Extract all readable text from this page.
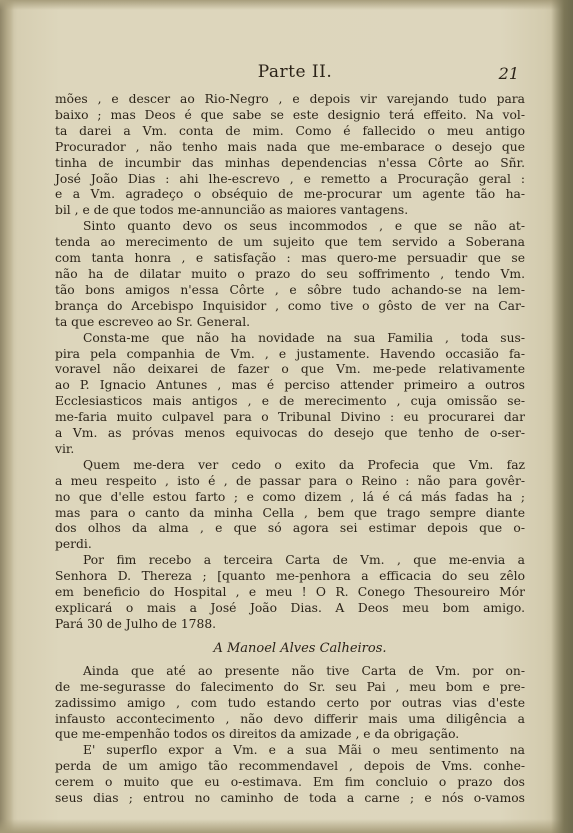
Parte II.	21
mões , e descer ao Rio-Negro , e depois vir varejando tudo para
baixo ; mas Deos é que sabe se este designio terá effeito. Na vol-
ta darei a Vm. conta de mim. Como é fallecido o meu antigo
Procurador , não tenho mais nada que me-embarace o desejo que
tinha de incumbir das minhas dependencias n'essa Côrte ao Sñr.
José João Dias : ahi lhe-escrevo , e remetto a Procuração geral :
e a Vm. agradeço o obséquio de me-procurar um agente tão ha-
bil , e de que todos me-annuncião as maiores vantagens.
Sinto quanto devo os seus incommodos , e que se não at-
tenda ao merecimento de um sujeito que tem servido a Soberana
com tanta honra , e satisfação : mas quero-me persuadir que se
não ha de dilatar muito o prazo do seu soffrimento , tendo Vm.
tão bons amigos n'essa Côrte , e sôbre tudo achando-se na lem-
brança do Arcebispo Inquisidor , como tive o gôsto de ver na Car-
ta que escreveo ao Sr. General.
Consta-me que não ha novidade na sua Familia , toda sus-
pira pela companhia de Vm. , e justamente. Havendo occasião fa-
voravel não deixarei de fazer o que Vm. me-pede relativamente
ao P. Ignacio Antunes , mas é perciso attender primeiro a outros
Ecclesiasticos mais antigos , e de merecimento , cuja omissão se-
me-faria muito culpavel para o Tribunal Divino : eu procurarei dar
a Vm. as próvas menos equivocas do desejo que tenho de o-ser-
vir.
Quem me-dera ver cedo o exito da Profecia que Vm. faz
a meu respeito , isto é , de passar para o Reino : não para govêr-
no que d'elle estou farto ; e como dizem , lá é cá más fadas ha ;
mas para o canto da minha Cella , bem que trago sempre diante
dos olhos da alma , e que só agora sei estimar depois que o-
perdi.
Por fim recebo a terceira Carta de Vm. , que me-envia a
Senhora D. Thereza ; [quanto me-penhora a efficacia do seu zêlo
em beneficio do Hospital , e meu ! O R. Conego Thesoureiro Mór
explicará o mais a José João Dias. A Deos meu bom amigo.
Pará 30 de Julho de 1788.
A Manoel Alves Calheiros.
Ainda que até ao presente não tive Carta de Vm. por on-
de me-segurasse do falecimento do Sr. seu Pai , meu bom e pre-
zadissimo amigo , com tudo estando certo por outras vias d'este
infausto accontecimento , não devo differir mais uma diligência a
que me-empenhão todos os direitos da amizade , e da obrigação.
E' superflo expor a Vm. e a sua Mãi o meu sentimento na
perda de um amigo tão recommendavel , depois de Vms. conhe-
cerem o muito que eu o-estimava. Em fim concluio o prazo dos
seus dias ; entrou no caminho de toda a carne ; e nós o-vamos
